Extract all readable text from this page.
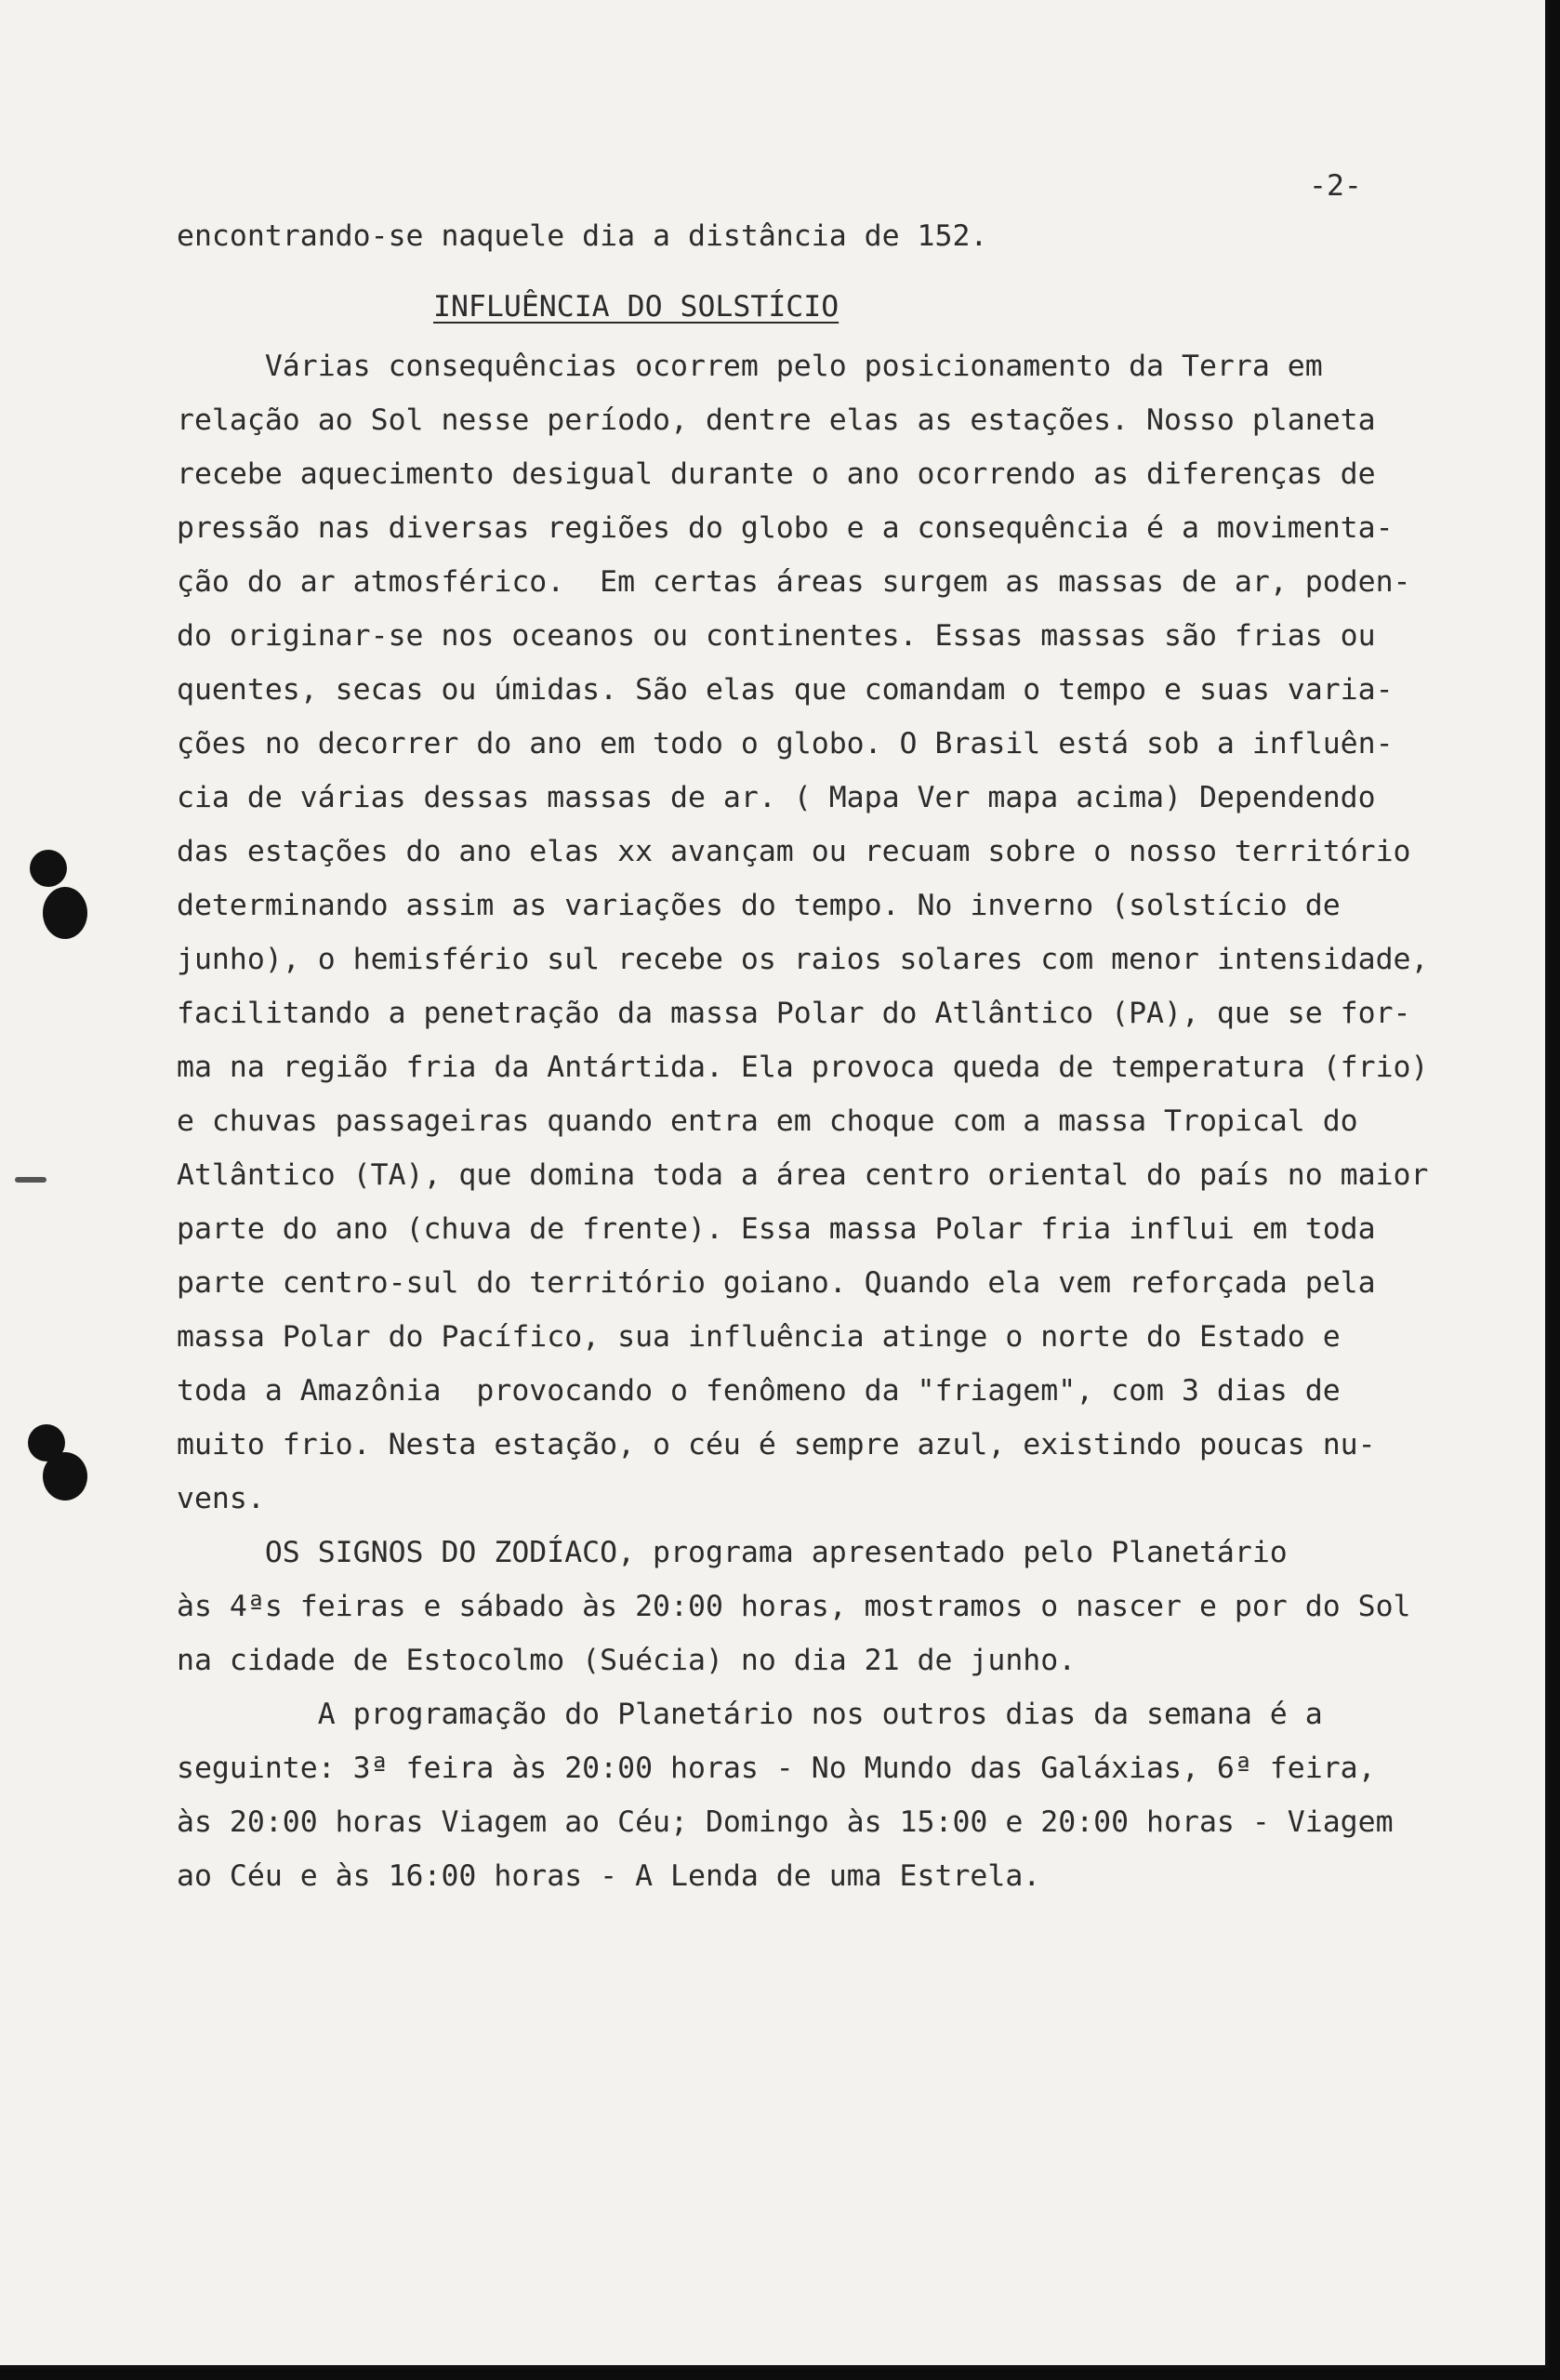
-2-
encontrando-se naquele dia a distância de 152.
INFLUÊNCIA DO SOLSTÍCIO
Várias consequências ocorrem pelo posicionamento da Terra em
relação ao Sol nesse período, dentre elas as estações. Nosso planeta
recebe aquecimento desigual durante o ano ocorrendo as diferenças de
pressão nas diversas regiões do globo e a consequência é a movimenta-
ção do ar atmosférico.  Em certas áreas surgem as massas de ar, poden-
do originar-se nos oceanos ou continentes. Essas massas são frias ou
quentes, secas ou úmidas. São elas que comandam o tempo e suas varia-
ções no decorrer do ano em todo o globo. O Brasil está sob a influên-
cia de várias dessas massas de ar. ( Mapa Ver mapa acima) Dependendo
das estações do ano elas xx avançam ou recuam sobre o nosso território
determinando assim as variações do tempo. No inverno (solstício de
junho), o hemisfério sul recebe os raios solares com menor intensidade,
facilitando a penetração da massa Polar do Atlântico (PA), que se for-
ma na região fria da Antártida. Ela provoca queda de temperatura (frio)
e chuvas passageiras quando entra em choque com a massa Tropical do
Atlântico (TA), que domina toda a área centro oriental do país no maior
parte do ano (chuva de frente). Essa massa Polar fria influi em toda
parte centro-sul do território goiano. Quando ela vem reforçada pela
massa Polar do Pacífico, sua influência atinge o norte do Estado e
toda a Amazônia  provocando o fenômeno da "friagem", com 3 dias de
muito frio. Nesta estação, o céu é sempre azul, existindo poucas nu-
vens.
OS SIGNOS DO ZODÍACO, programa apresentado pelo Planetário
às 4ªs feiras e sábado às 20:00 horas, mostramos o nascer e por do Sol
na cidade de Estocolmo (Suécia) no dia 21 de junho.
A programação do Planetário nos outros dias da semana é a
seguinte: 3ª feira às 20:00 horas - No Mundo das Galáxias, 6ª feira,
às 20:00 horas Viagem ao Céu; Domingo às 15:00 e 20:00 horas - Viagem
ao Céu e às 16:00 horas - A Lenda de uma Estrela.
